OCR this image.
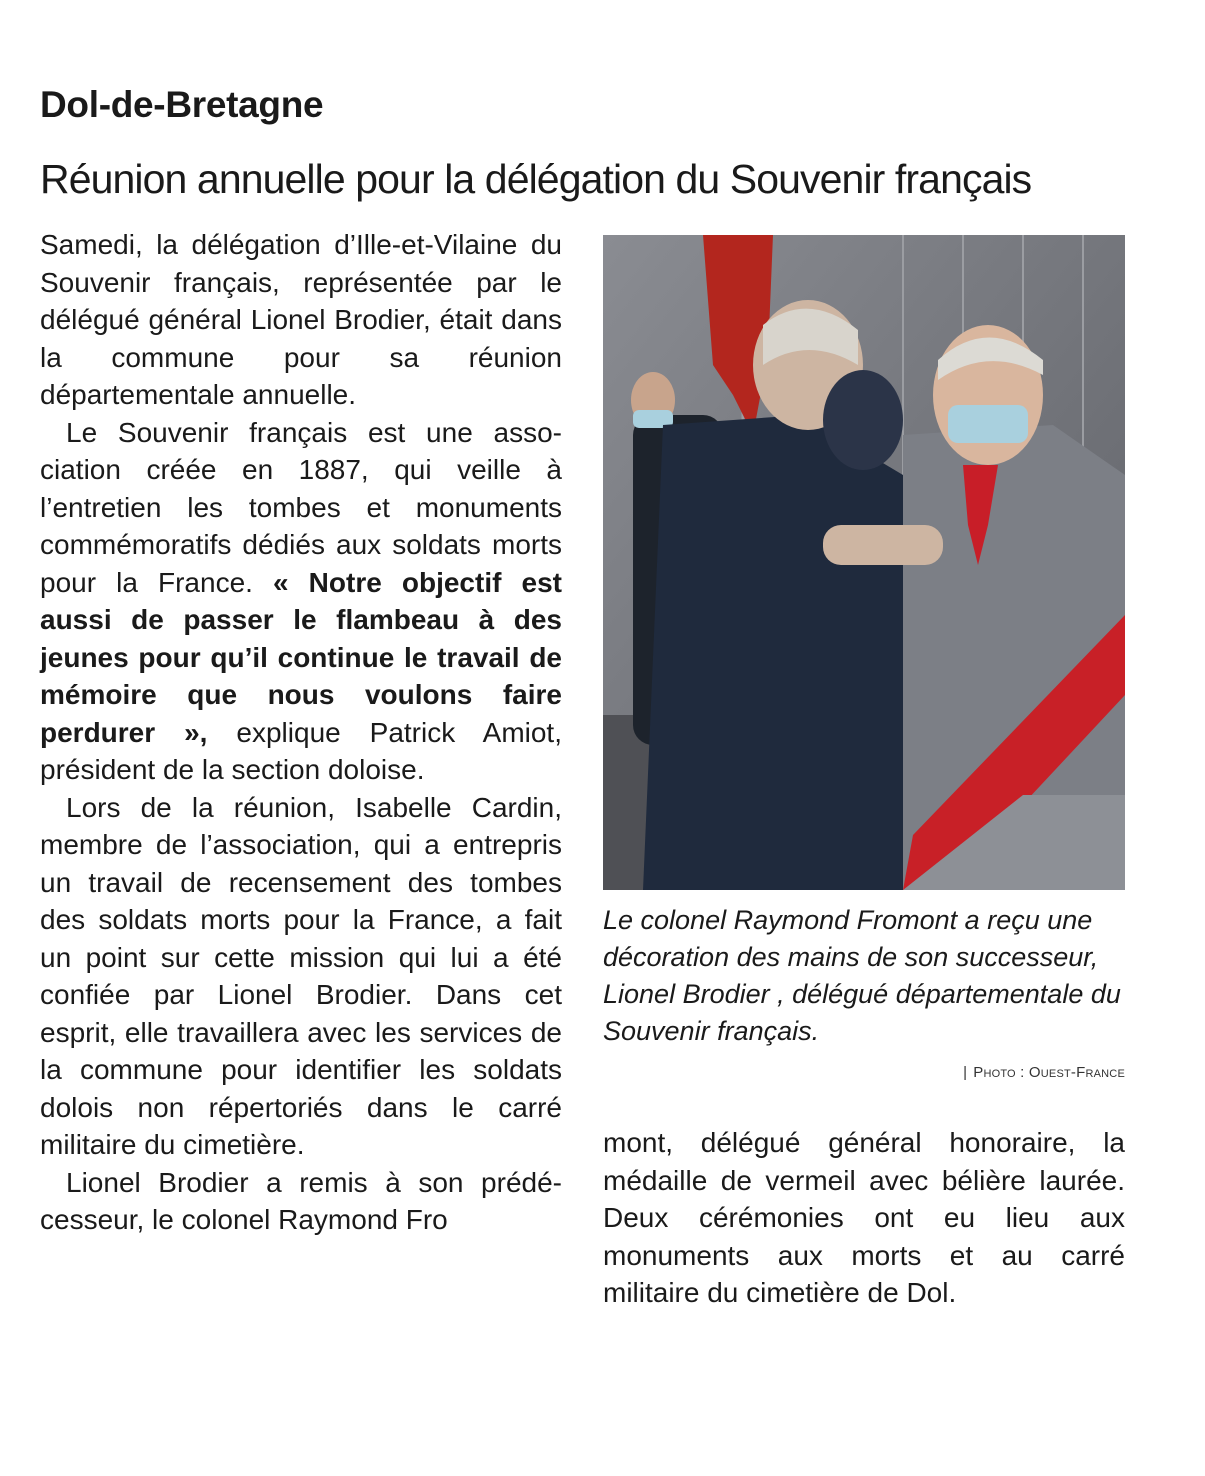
Dol-de-Bretagne
Réunion annuelle pour la délégation du Souvenir français

Samedi, la délégation d’Ille-et-Vilaine du Souvenir français, représentée par le délégué général Lionel Brodier, était dans la commune pour sa réunion départementale annuelle.

Le Souvenir français est une association créée en 1887, qui veille à l’entretien les tombes et monuments commémoratifs dédiés aux soldats morts pour la France. « Notre objectif est aussi de passer le flambeau à des jeunes pour qu’il continue le travail de mémoire que nous voulons faire perdurer », explique Patrick Amiot, président de la section doloise.

Lors de la réunion, Isabelle Cardin, membre de l’association, qui a entrepris un travail de recensement des tombes des soldats morts pour la France, a fait un point sur cette mission qui lui a été confiée par Lionel Brodier. Dans cet esprit, elle travaillera avec les services de la commune pour identifier les soldats dolois non répertoriés dans le carré militaire du cimetière.

Lionel Brodier a remis à son prédécesseur, le colonel Raymond Fro

Le colonel Raymond Fromont a reçu une décoration des mains de son successeur, Lionel Brodier , délégué départementale du Souvenir français.

| Photo : Ouest-France

mont, délégué général honoraire, la médaille de vermeil avec bélière laurée. Deux cérémonies ont eu lieu aux monuments aux morts et au carré militaire du cimetière de Dol.
